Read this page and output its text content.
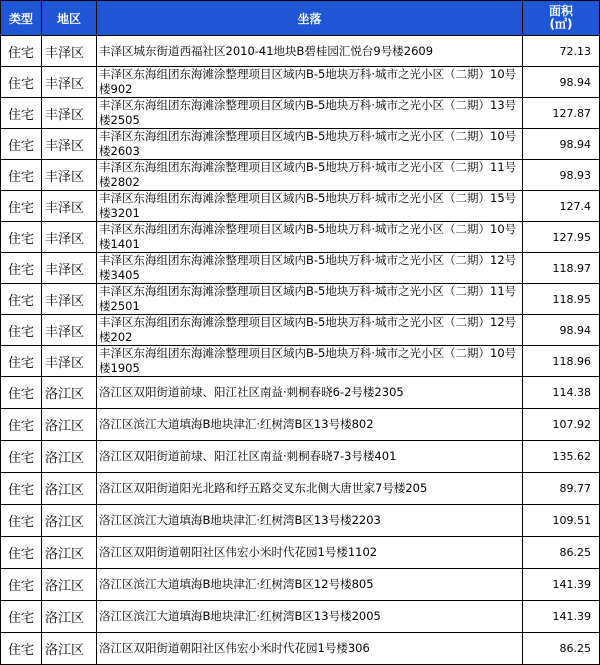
类型	地区	坐落	面积
(㎡)
住宅	丰泽区	丰泽区城东街道西福社区2010-41地块B碧桂园汇悦台9号楼2609	72.13
住宅	丰泽区	丰泽区东海组团东海滩涂整理项目区域内B-5地块万科·城市之光小区（二期）10号楼902	98.94
住宅	丰泽区	丰泽区东海组团东海滩涂整理项目区域内B-5地块万科·城市之光小区（二期）13号楼2505	127.87
住宅	丰泽区	丰泽区东海组团东海滩涂整理项目区域内B-5地块万科·城市之光小区（二期）10号楼2603	98.94
住宅	丰泽区	丰泽区东海组团东海滩涂整理项目区域内B-5地块万科·城市之光小区（二期）11号楼2802	98.93
住宅	丰泽区	丰泽区东海组团东海滩涂整理项目区域内B-5地块万科·城市之光小区（二期）15号楼3201	127.4
住宅	丰泽区	丰泽区东海组团东海滩涂整理项目区域内B-5地块万科·城市之光小区（二期）10号楼1401	127.95
住宅	丰泽区	丰泽区东海组团东海滩涂整理项目区域内B-5地块万科·城市之光小区（二期）12号楼3405	118.97
住宅	丰泽区	丰泽区东海组团东海滩涂整理项目区域内B-5地块万科·城市之光小区（二期）11号楼2501	118.95
住宅	丰泽区	丰泽区东海组团东海滩涂整理项目区域内B-5地块万科·城市之光小区（二期）12号楼202	98.94
住宅	丰泽区	丰泽区东海组团东海滩涂整理项目区域内B-5地块万科·城市之光小区（二期）10号楼1905	118.96
住宅	洛江区	洛江区双阳街道前埭、阳江社区南益·刺桐春晓6-2号楼2305	114.38
住宅	洛江区	洛江区滨江大道填海B地块津汇·红树湾B区13号楼802	107.92
住宅	洛江区	洛江区双阳街道前埭、阳江社区南益·刺桐春晓7-3号楼401	135.62
住宅	洛江区	洛江区双阳街道阳光北路和纾五路交叉东北侧大唐世家7号楼205	89.77
住宅	洛江区	洛江区滨江大道填海B地块津汇·红树湾B区13号楼2203	109.51
住宅	洛江区	洛江区双阳街道朝阳社区伟宏小米时代花园1号楼1102	86.25
住宅	洛江区	洛江区滨江大道填海B地块津汇·红树湾B区12号楼805	141.39
住宅	洛江区	洛江区滨江大道填海B地块津汇·红树湾B区13号楼2005	141.39
住宅	洛江区	洛江区双阳街道朝阳社区伟宏小米时代花园1号楼306	86.25
